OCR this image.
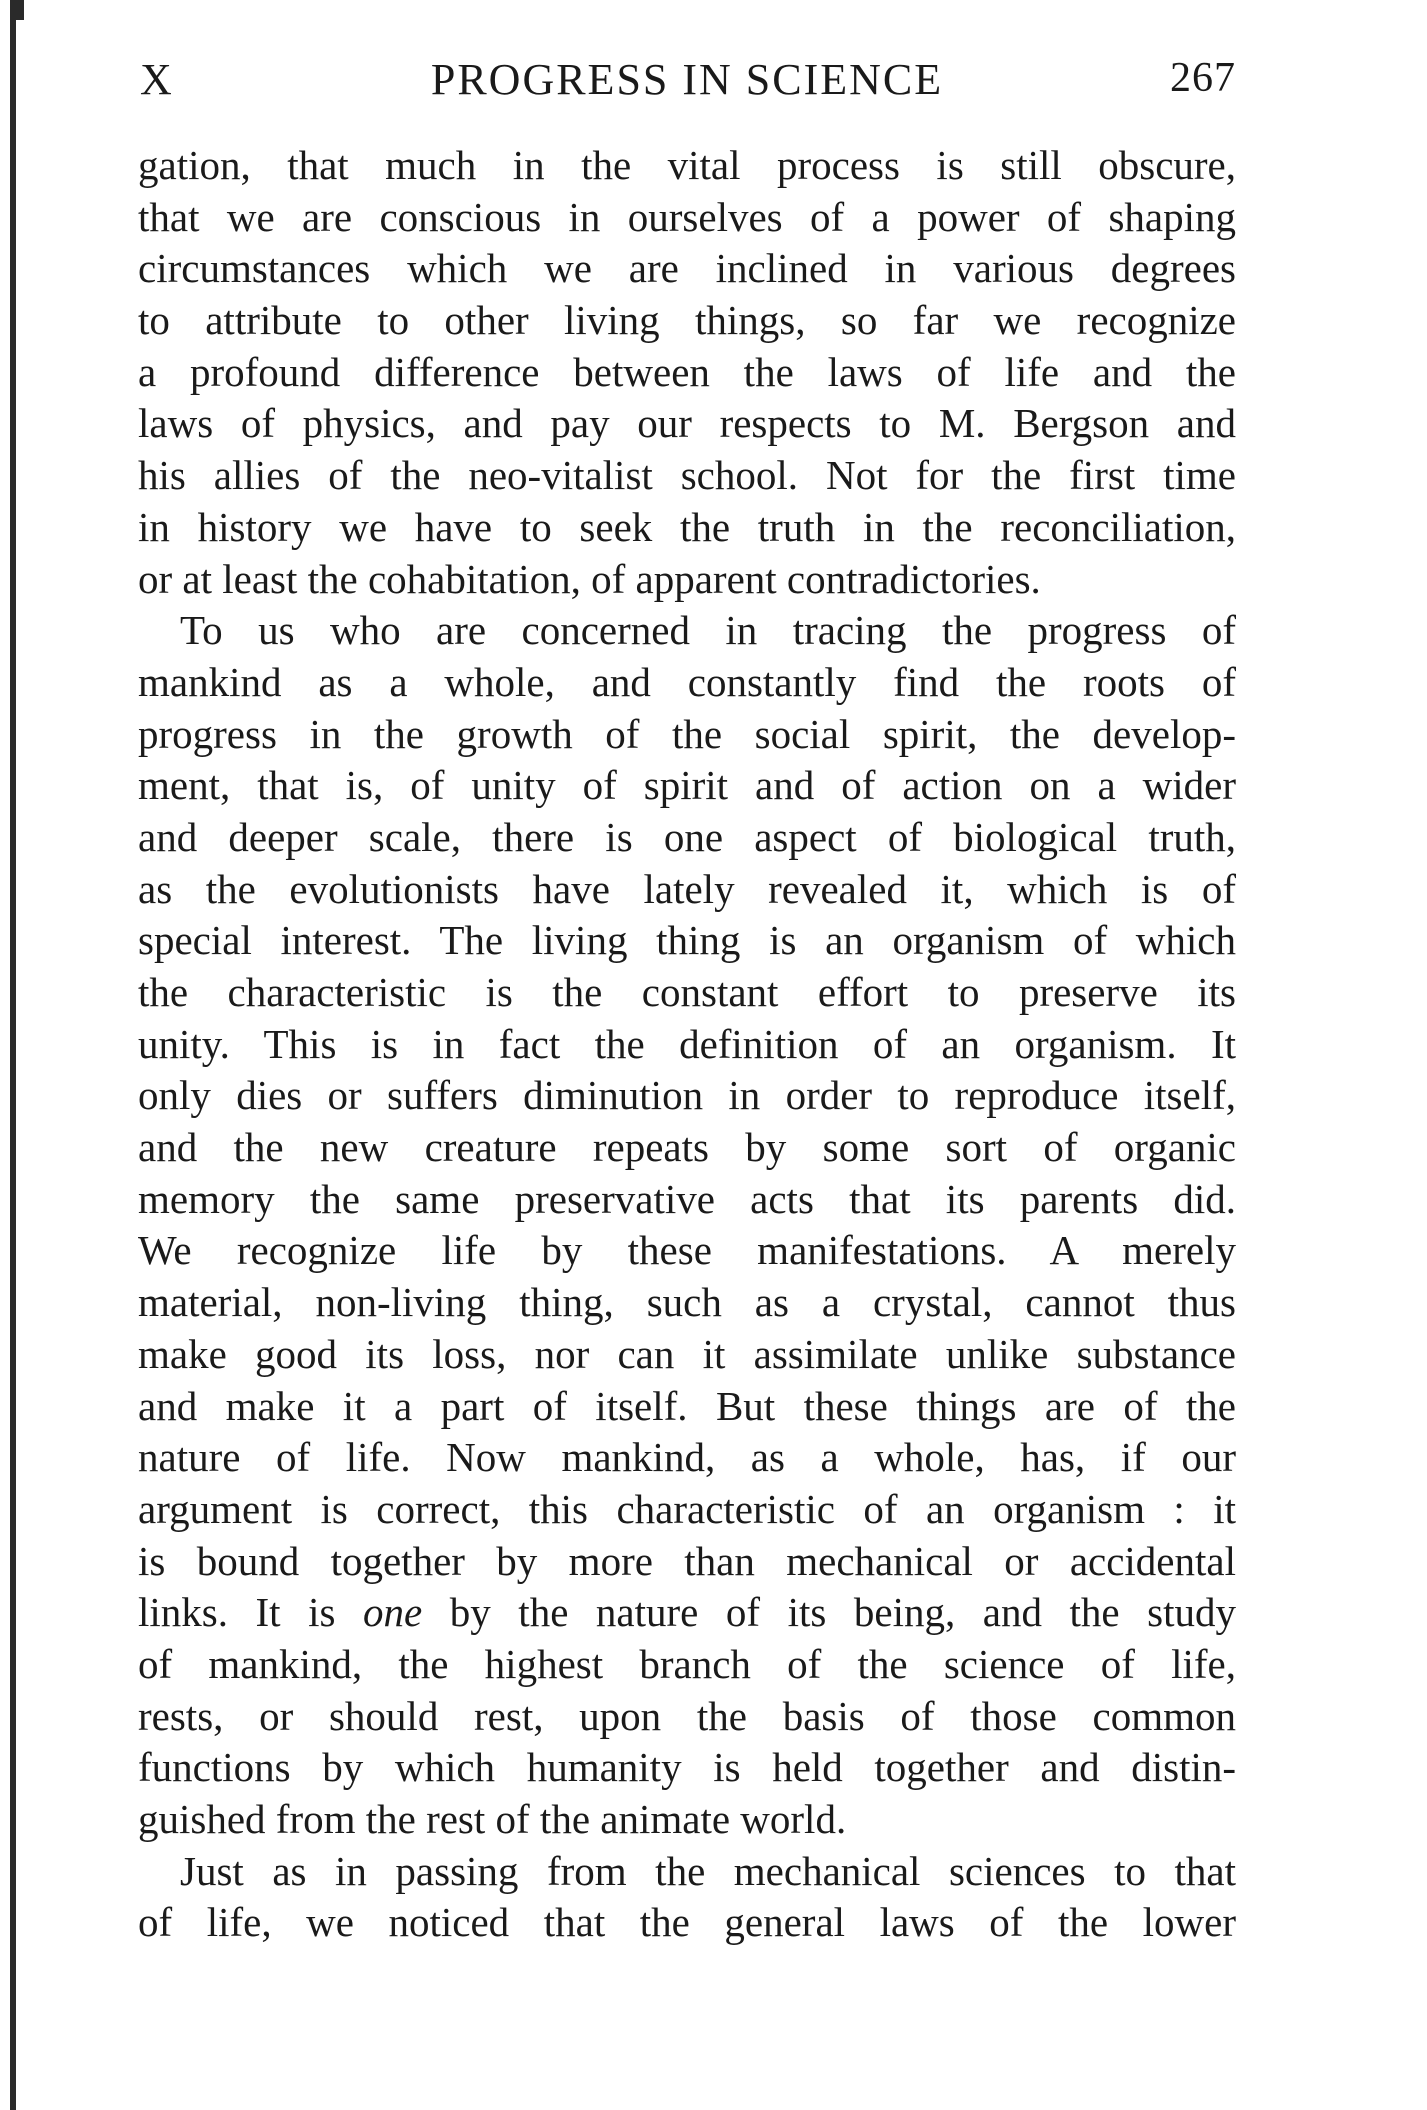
X	PROGRESS IN SCIENCE	267
gation, that much in the vital process is still obscure,
that we are conscious in ourselves of a power of shaping
circumstances which we are inclined in various degrees
to attribute to other living things, so far we recognize
a profound difference between the laws of life and the
laws of physics, and pay our respects to M. Bergson and
his allies of the neo-vitalist school. Not for the first time
in history we have to seek the truth in the reconciliation,
or at least the cohabitation, of apparent contradictories.
To us who are concerned in tracing the progress of
mankind as a whole, and constantly find the roots of
progress in the growth of the social spirit, the develop-
ment, that is, of unity of spirit and of action on a wider
and deeper scale, there is one aspect of biological truth,
as the evolutionists have lately revealed it, which is of
special interest. The living thing is an organism of which
the characteristic is the constant effort to preserve its
unity. This is in fact the definition of an organism. It
only dies or suffers diminution in order to reproduce itself,
and the new creature repeats by some sort of organic
memory the same preservative acts that its parents did.
We recognize life by these manifestations. A merely
material, non-living thing, such as a crystal, cannot thus
make good its loss, nor can it assimilate unlike substance
and make it a part of itself. But these things are of the
nature of life. Now mankind, as a whole, has, if our
argument is correct, this characteristic of an organism : it
is bound together by more than mechanical or accidental
links. It is one by the nature of its being, and the study
of mankind, the highest branch of the science of life,
rests, or should rest, upon the basis of those common
functions by which humanity is held together and distin-
guished from the rest of the animate world.
Just as in passing from the mechanical sciences to that
of life, we noticed that the general laws of the lower
